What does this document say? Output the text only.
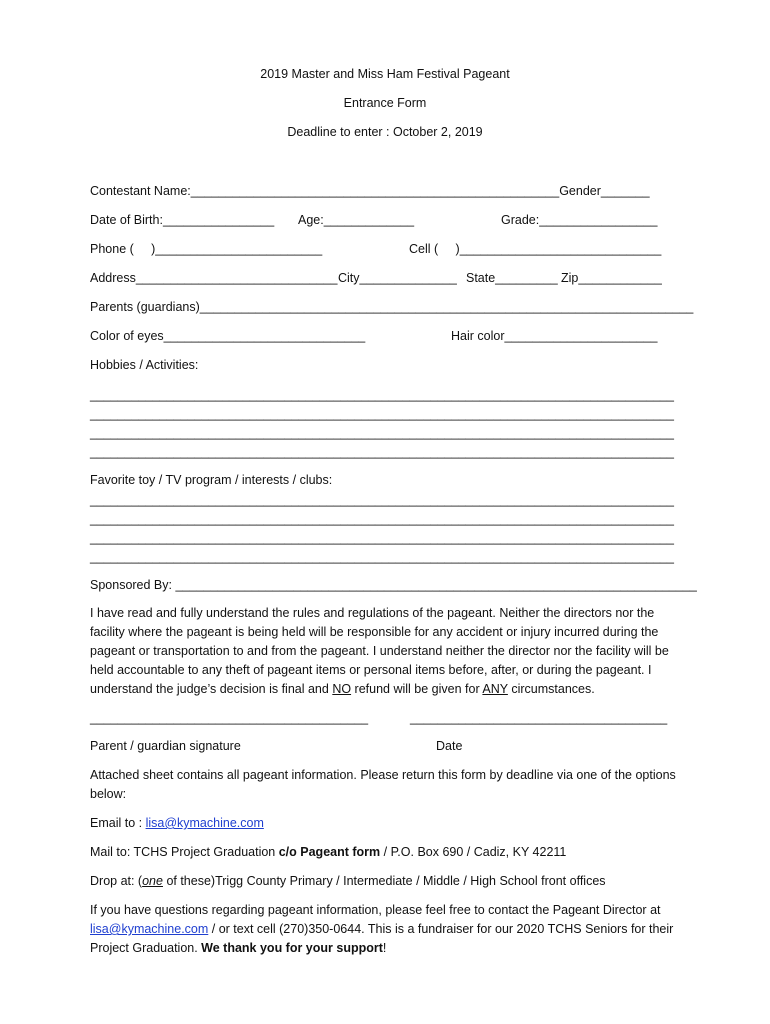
2019 Master and Miss Ham Festival Pageant
Entrance Form
Deadline to enter : October 2, 2019
Contestant Name:_____________________________________________________Gender_______
Date of Birth:________________ Age:_____________	Grade:_________________
Phone (     )________________________	Cell (     )_____________________________
Address_____________________________ City______________ State_________ Zip____________
Parents (guardians)_______________________________________________________________________
Color of eyes_____________________________	Hair color______________________
Hobbies / Activities:
____________________________________________________________________________________
____________________________________________________________________________________
____________________________________________________________________________________
____________________________________________________________________________________
Favorite toy / TV program / interests / clubs:
____________________________________________________________________________________
____________________________________________________________________________________
____________________________________________________________________________________
____________________________________________________________________________________
Sponsored By: ___________________________________________________________________________
I have read and fully understand the rules and regulations of the pageant. Neither the directors nor the facility where the pageant is being held will be responsible for any accident or injury incurred during the pageant or transportation to and from the pageant. I understand neither the director nor the facility will be held accountable to any theft of pageant items or personal items before, after, or during the pageant. I understand the judge’s decision is final and NO refund will be given for ANY circumstances.
________________________________________	_____________________________________
Parent / guardian signature	Date
Attached sheet contains all pageant information. Please return this form by deadline via one of the options below:
Email to : lisa@kymachine.com
Mail to: TCHS Project Graduation c/o Pageant form / P.O. Box 690 / Cadiz, KY 42211
Drop at: (one of these)Trigg County Primary / Intermediate / Middle / High School front offices
If you have questions regarding pageant information, please feel free to contact the Pageant Director at lisa@kymachine.com / or text cell (270)350-0644. This is a fundraiser for our 2020 TCHS Seniors for their Project Graduation. We thank you for your support!
